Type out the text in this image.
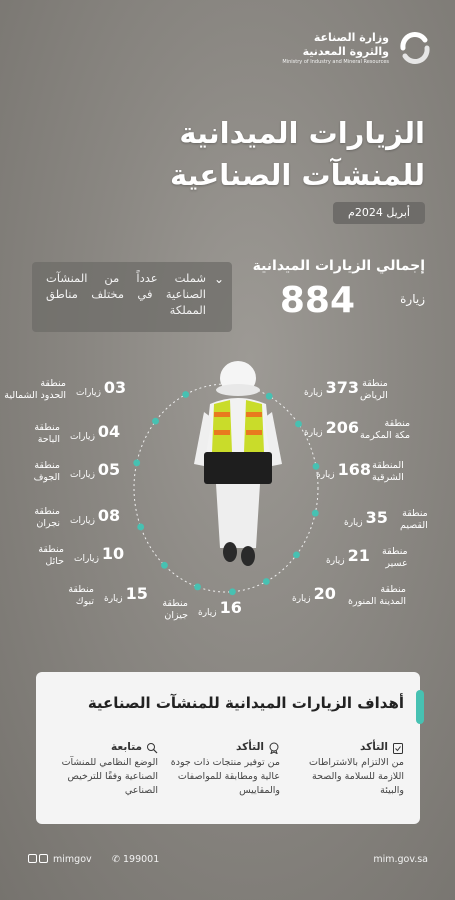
وزارة الصناعة
والثروة المعدنية
Ministry of Industry and Mineral Resources
الزيارات الميدانية
للمنشآت الصناعية
أبريل 2024م
إجمالي الزيارات الميدانية
884	زيارة
⌄
شملت عدداً من المنشآت الصناعية في مختلف مناطق المملكة
373زيارة
منطقة
الرياض
206زيارة
منطقة
مكة المكرمة
168زيارة
المنطقة
الشرقية
35زيارة
منطقة
القصيم
21زيارة
منطقة
عسير
20زيارة
منطقة
المدينة المنورة
03زيارات
منطقة
الحدود الشمالية
04زيارات
منطقة
الباحة
05زيارات
منطقة
الجوف
08زيارات
منطقة
نجران
10زيارات
منطقة
حائل
15زيارة
منطقة
تبوك	16زيارة
منطقة
جيزان
أهداف الزيارات الميدانية للمنشآت الصناعية
التأكد
من الالتزام بالاشتراطات اللازمة للسلامة والصحة والبيئة
التأكد
من توفير منتجات ذات جودة عالية ومطابقة للمواصفات والمقاييس
متابعة
الوضع النظامي للمنشآت الصناعية وفقًا للترخيص الصناعي
mimgov ✆ 199001	mim.gov.sa
